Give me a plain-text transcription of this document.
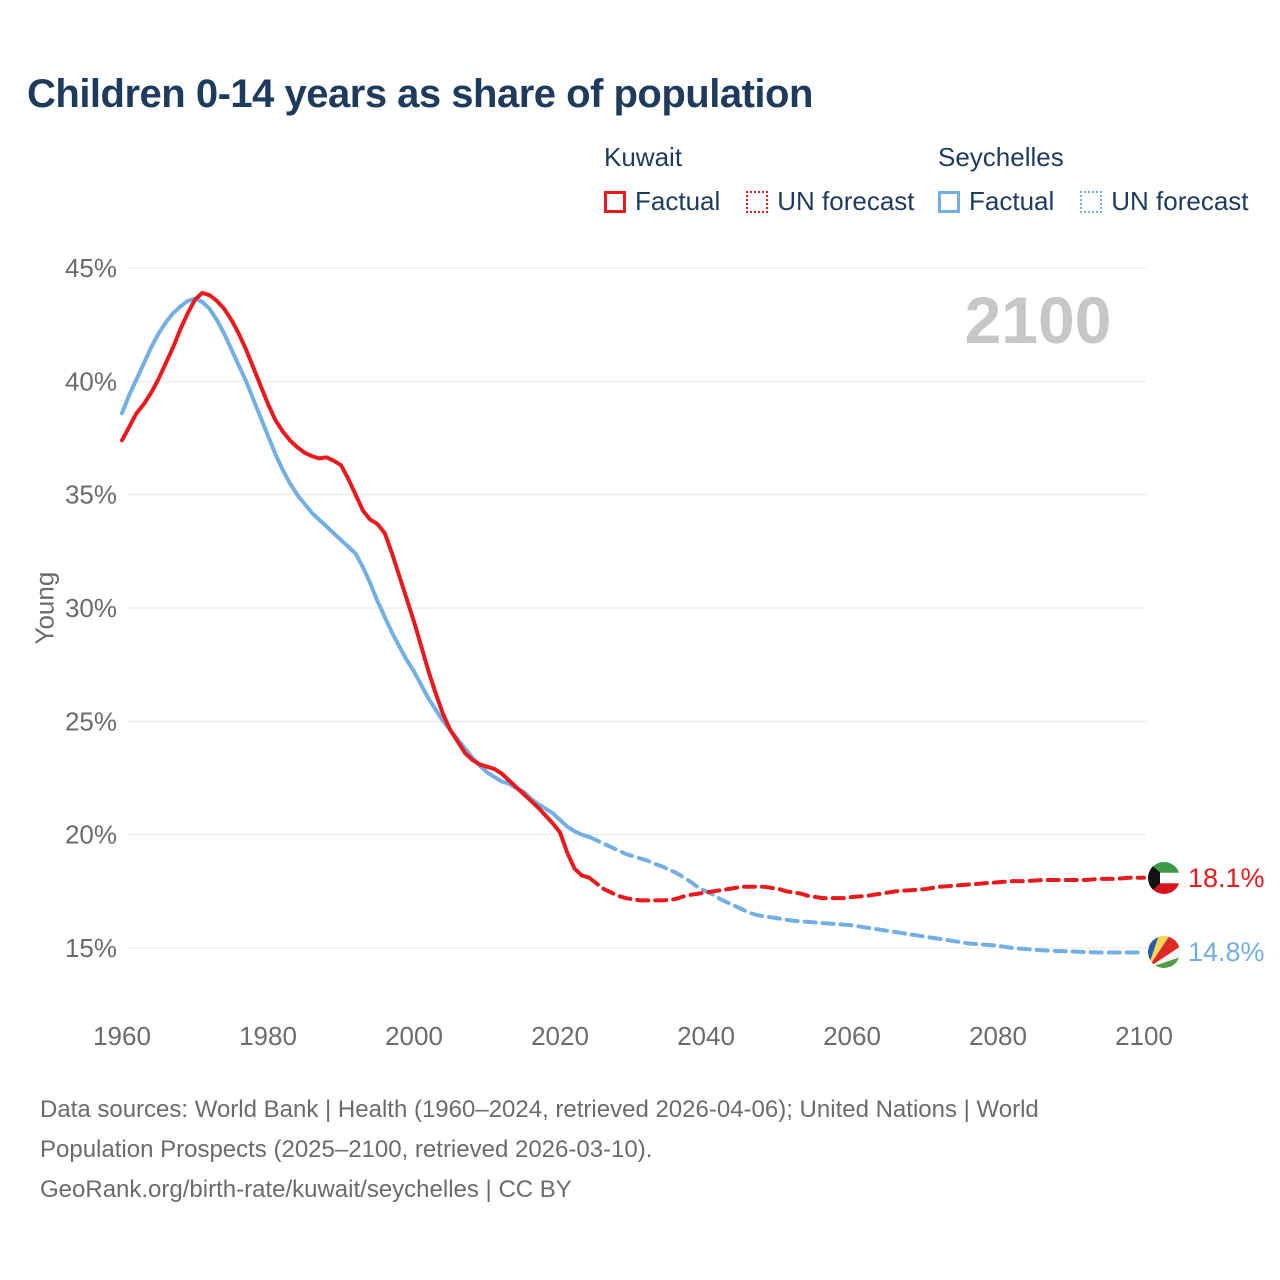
Children 0-14 years as share of population
Kuwait
Factual UN forecast
Seychelles
Factual UN forecast
2100
Young
45%
40%
35%
30%
25%
20%
15%
1960	1980	2000	2020	2040	2060	2080	2100
18.1%
14.8%
Data sources: World Bank | Health (1960–2024, retrieved 2026-04-06); United Nations | World
Population Prospects (2025–2100, retrieved 2026-03-10).
GeoRank.org/birth-rate/kuwait/seychelles | CC BY
